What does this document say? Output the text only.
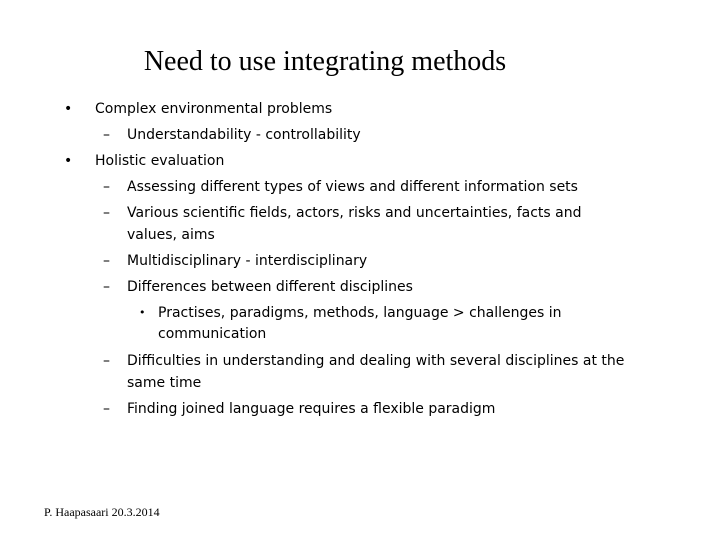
Need to use integrating methods
• Complex environmental problems
– Understandability - controllability
• Holistic evaluation
– Assessing different types of views and different information sets
– Various scientific fields, actors, risks and uncertainties, facts and
values, aims
– Multidisciplinary - interdisciplinary
– Differences between different disciplines
• Practises, paradigms, methods, language > challenges in
communication
– Difficulties in understanding and dealing with several disciplines at the
same time
– Finding joined language requires a flexible paradigm
P. Haapasaari 20.3.2014
